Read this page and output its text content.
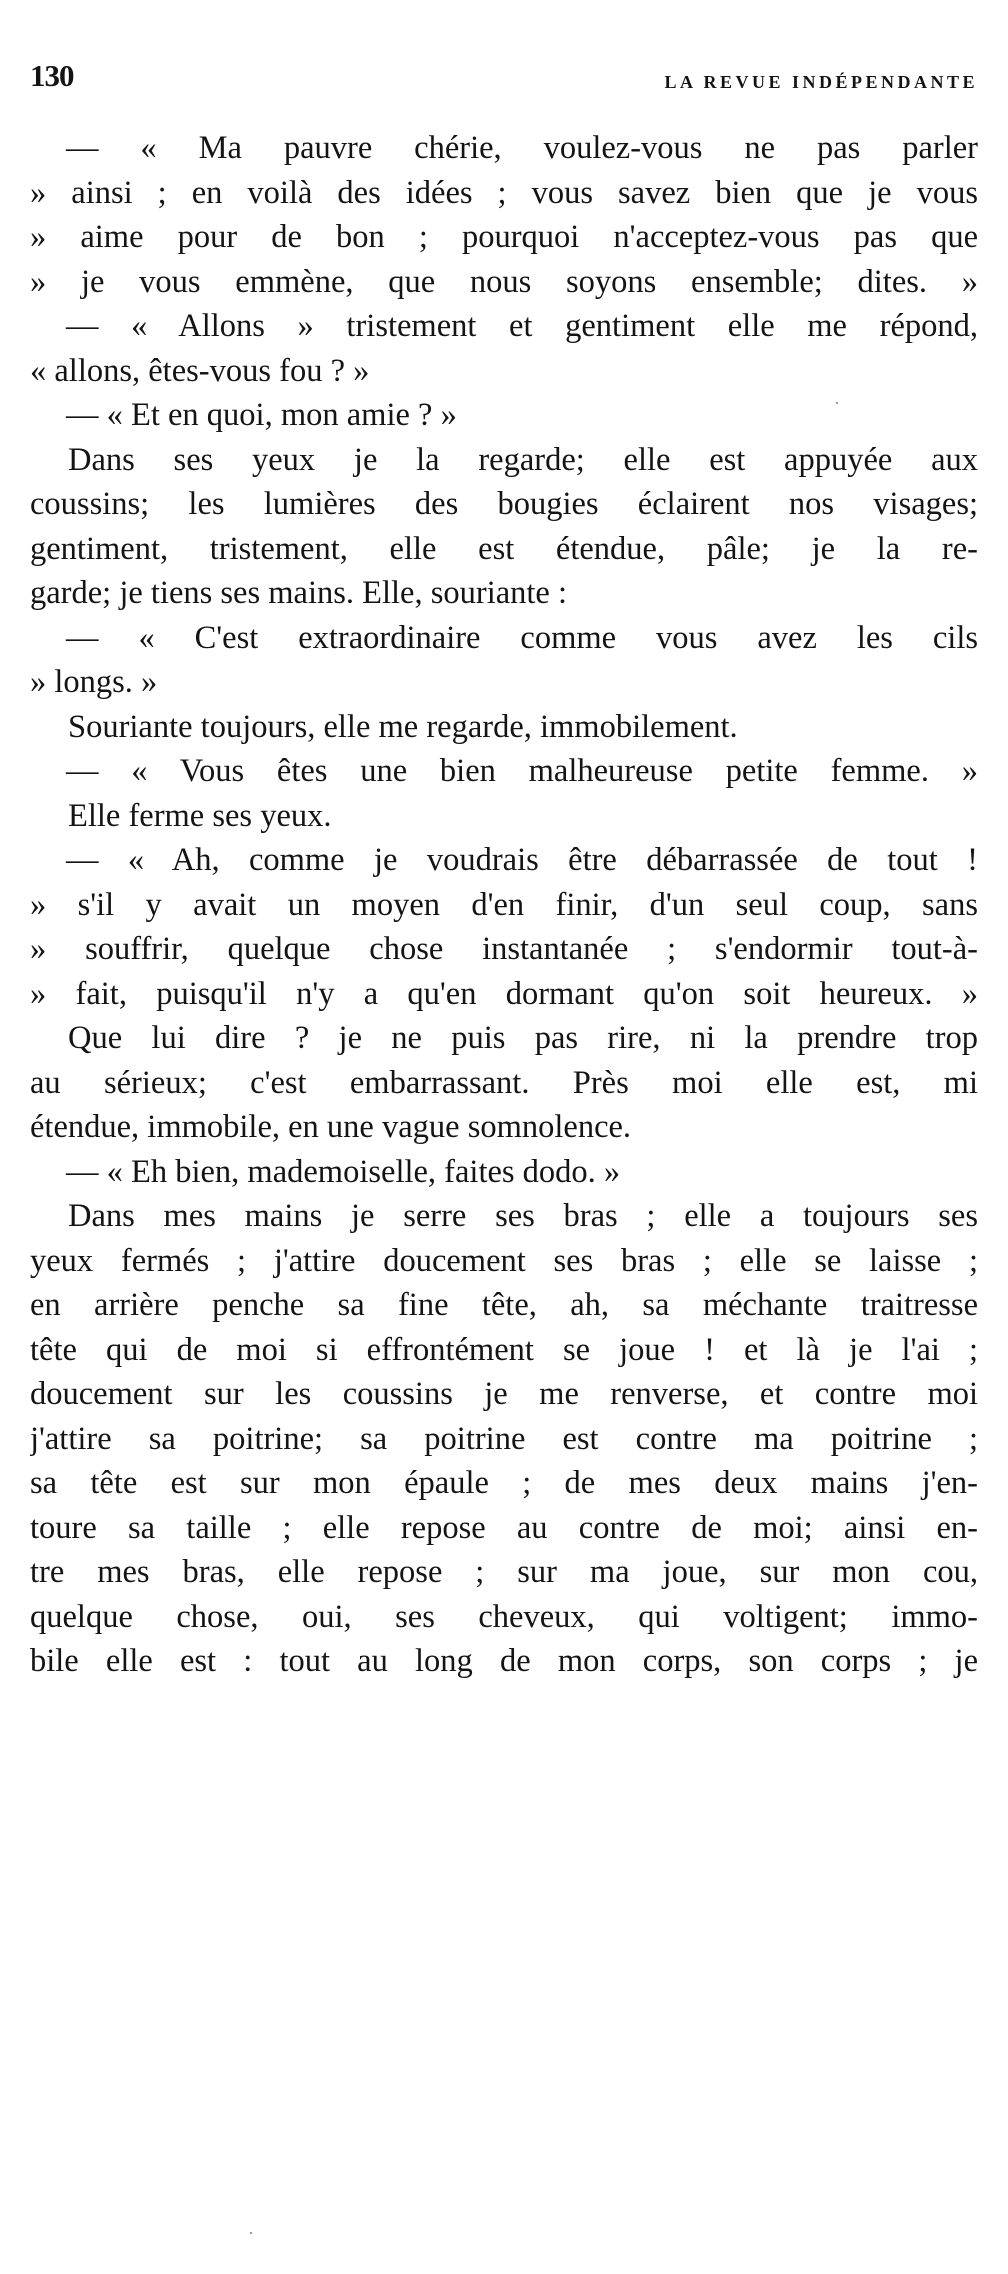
130	LA REVUE INDÉPENDANTE
— « Ma pauvre chérie, voulez-vous ne pas parler
» ainsi ; en voilà des idées ; vous savez bien que je vous
» aime pour de bon ; pourquoi n'acceptez-vous pas que
» je vous emmène, que nous soyons ensemble; dites. »
— « Allons » tristement et gentiment elle me répond,
« allons, êtes-vous fou ? »
— « Et en quoi, mon amie ? »
Dans ses yeux je la regarde; elle est appuyée aux
coussins; les lumières des bougies éclairent nos visages;
gentiment, tristement, elle est étendue, pâle; je la re-
garde; je tiens ses mains. Elle, souriante :
— « C'est extraordinaire comme vous avez les cils
» longs. »
Souriante toujours, elle me regarde, immobilement.
— « Vous êtes une bien malheureuse petite femme. »
Elle ferme ses yeux.
— « Ah, comme je voudrais être débarrassée de tout !
» s'il y avait un moyen d'en finir, d'un seul coup, sans
» souffrir, quelque chose instantanée ; s'endormir tout-à-
» fait, puisqu'il n'y a qu'en dormant qu'on soit heureux. »
Que lui dire ? je ne puis pas rire, ni la prendre trop
au sérieux; c'est embarrassant. Près moi elle est, mi
étendue, immobile, en une vague somnolence.
— « Eh bien, mademoiselle, faites dodo. »
Dans mes mains je serre ses bras ; elle a toujours ses
yeux fermés ; j'attire doucement ses bras ; elle se laisse ;
en arrière penche sa fine tête, ah, sa méchante traitresse
tête qui de moi si effrontément se joue ! et là je l'ai ;
doucement sur les coussins je me renverse, et contre moi
j'attire sa poitrine; sa poitrine est contre ma poitrine ;
sa tête est sur mon épaule ; de mes deux mains j'en-
toure sa taille ; elle repose au contre de moi; ainsi en-
tre mes bras, elle repose ; sur ma joue, sur mon cou,
quelque chose, oui, ses cheveux, qui voltigent; immo-
bile elle est : tout au long de mon corps, son corps ; je
